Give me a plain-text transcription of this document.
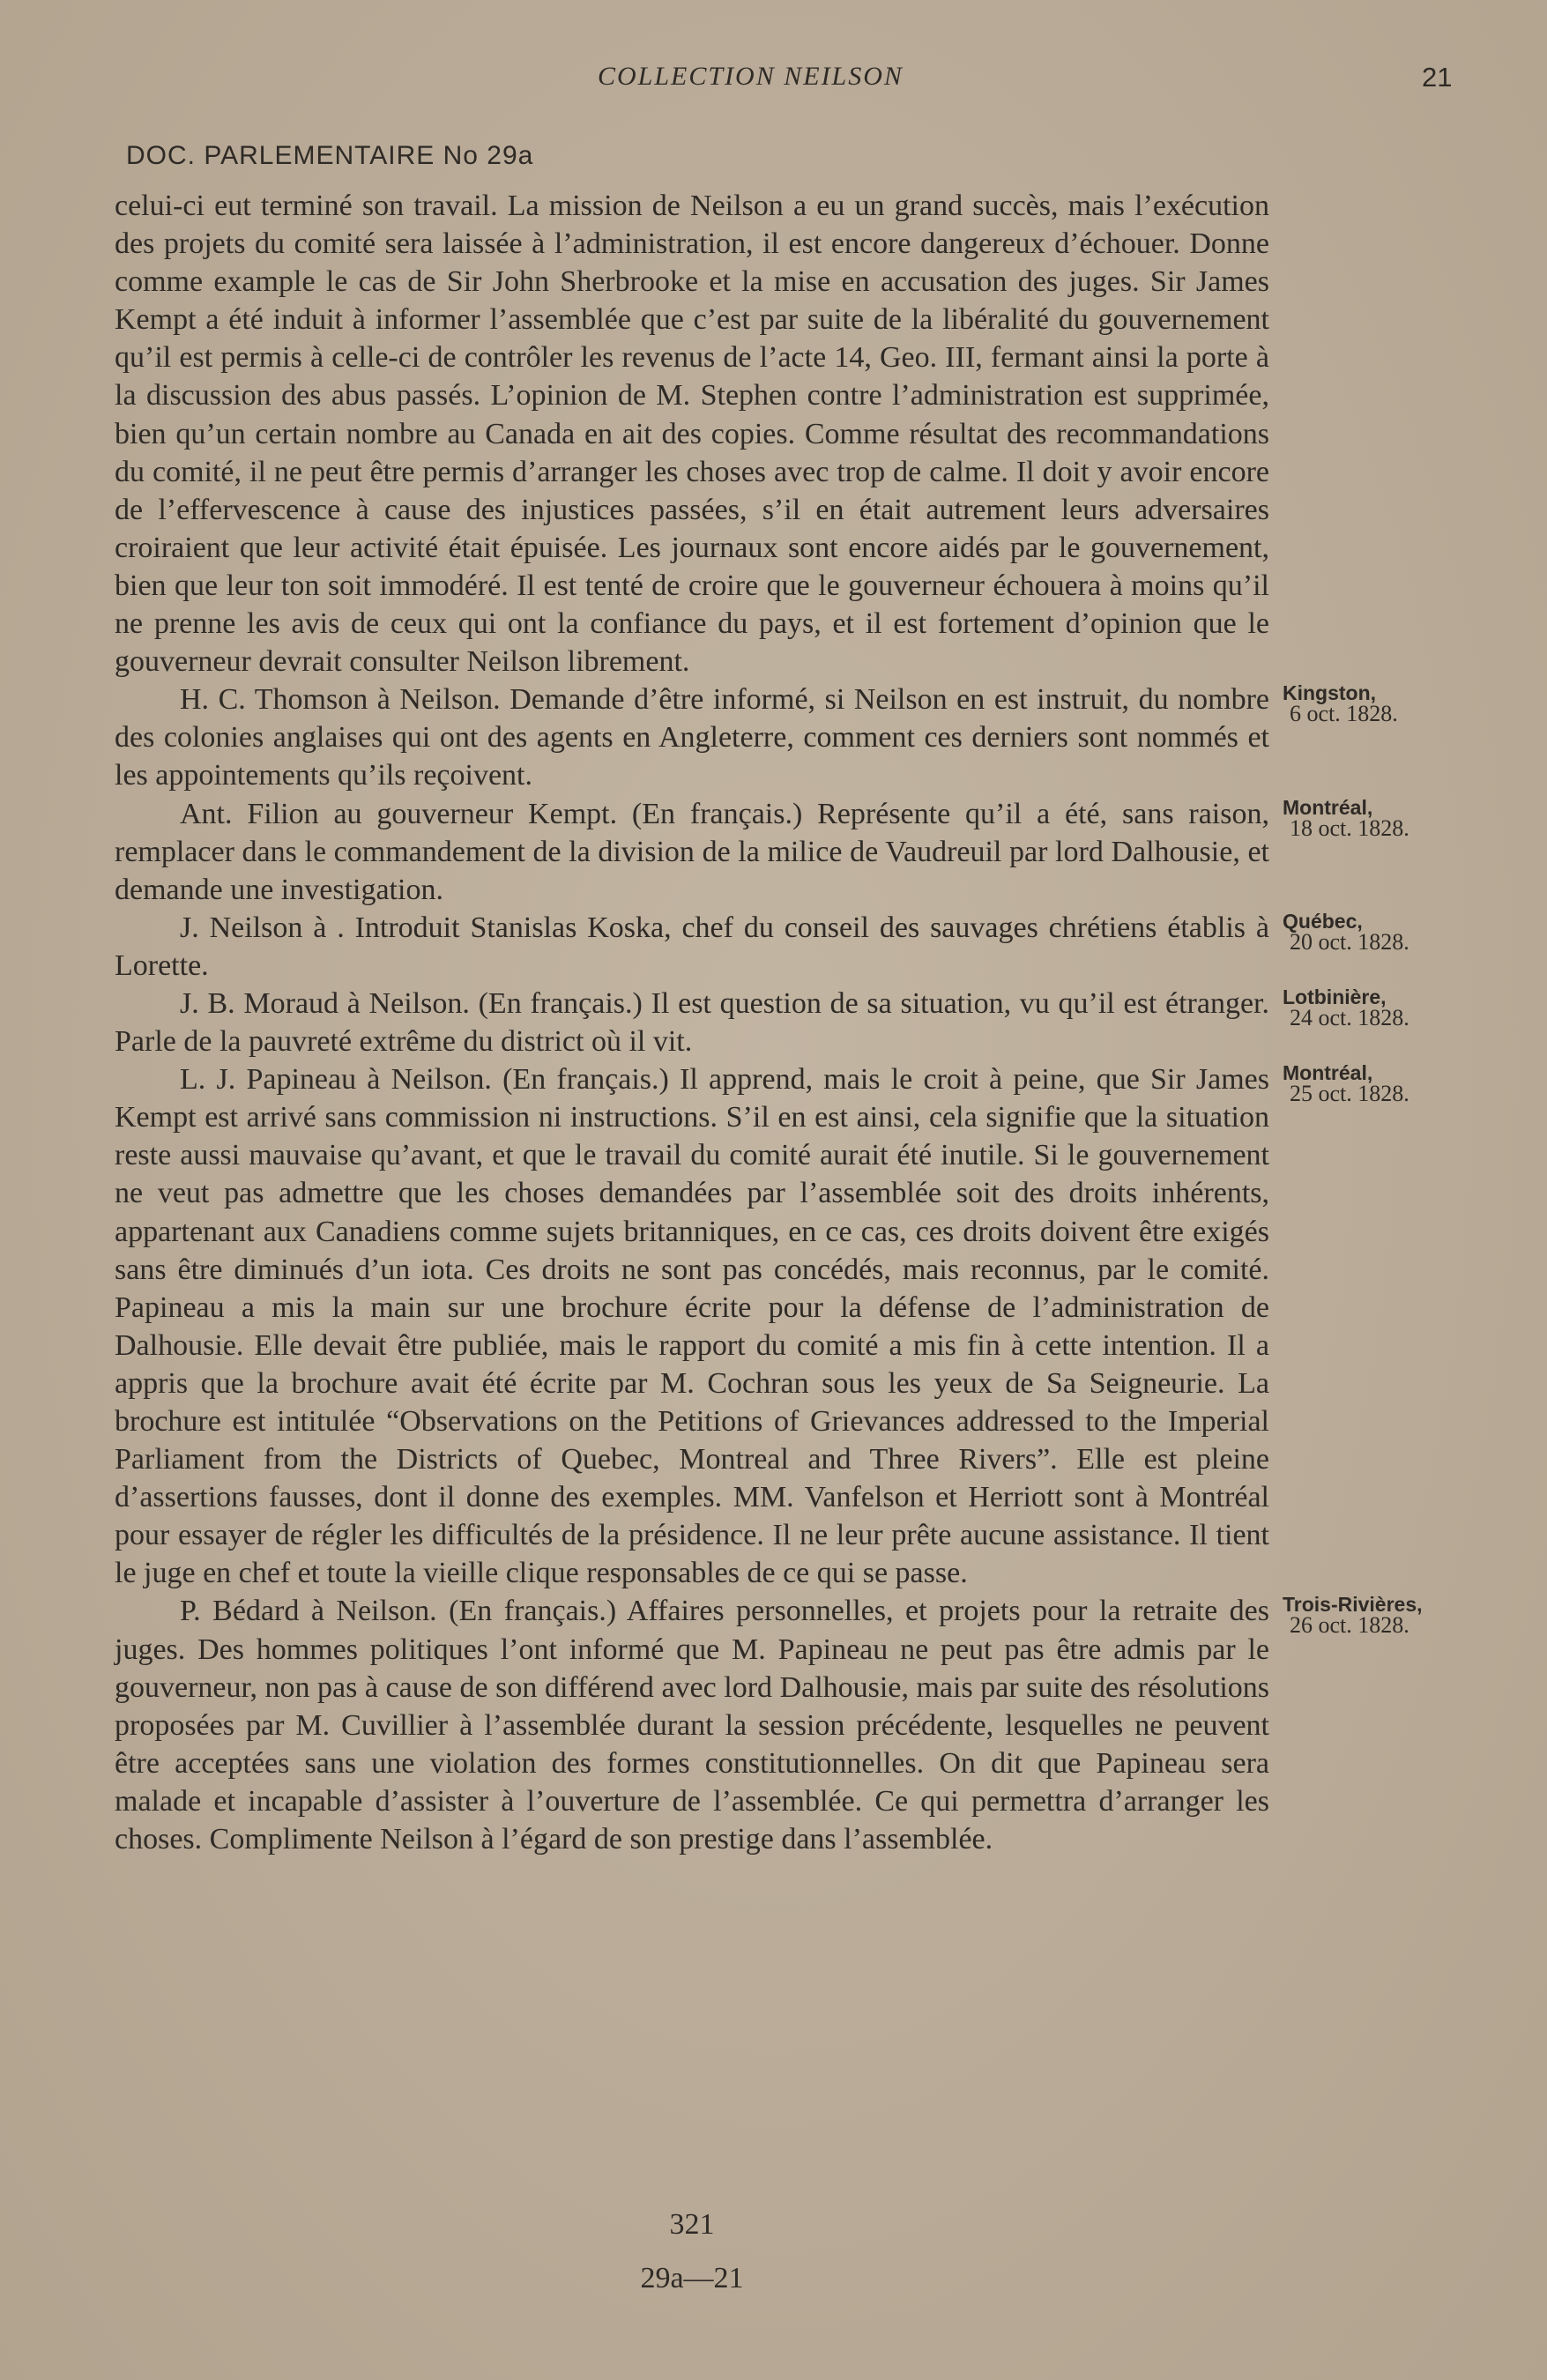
COLLECTION NEILSON	21
DOC. PARLEMENTAIRE No 29a

celui-ci eut terminé son travail. La mission de Neilson a eu un grand succès, mais l’exécution des projets du comité sera laissée à l’administration, il est encore dangereux d’échouer. Donne comme example le cas de Sir John Sherbrooke et la mise en accusation des juges. Sir James Kempt a été induit à informer l’assemblée que c’est par suite de la libéralité du gouvernement qu’il est permis à celle-ci de contrôler les revenus de l’acte 14, Geo. III, fermant ainsi la porte à la discussion des abus passés. L’opinion de M. Stephen contre l’administration est supprimée, bien qu’un certain nombre au Canada en ait des copies. Comme résultat des recommandations du comité, il ne peut être permis d’arranger les choses avec trop de calme. Il doit y avoir encore de l’effervescence à cause des injustices passées, s’il en était autrement leurs adversaires croiraient que leur activité était épuisée. Les journaux sont encore aidés par le gouvernement, bien que leur ton soit immodéré. Il est tenté de croire que le gouverneur échouera à moins qu’il ne prenne les avis de ceux qui ont la confiance du pays, et il est fortement d’opinion que le gouverneur devrait consulter Neilson librement.

H. C. Thomson à Neilson. Demande d’être informé, si Neilson en est instruit, du nombre des colonies anglaises qui ont des agents en Angleterre, comment ces derniers sont nommés et les appointements qu’ils reçoivent.
Kingston,
6 oct. 1828.

Ant. Filion au gouverneur Kempt. (En français.) Représente qu’il a été, sans raison, remplacer dans le commandement de la division de la milice de Vaudreuil par lord Dalhousie, et demande une investigation.
Montréal,
18 oct. 1828.

J. Neilson à . Introduit Stanislas Koska, chef du conseil des sauvages chrétiens établis à Lorette.
Québec,
20 oct. 1828.

J. B. Moraud à Neilson. (En français.) Il est question de sa situation, vu qu’il est étranger. Parle de la pauvreté extrême du district où il vit.
Lotbinière,
24 oct. 1828.

L. J. Papineau à Neilson. (En français.) Il apprend, mais le croit à peine, que Sir James Kempt est arrivé sans commission ni instructions. S’il en est ainsi, cela signifie que la situation reste aussi mauvaise qu’avant, et que le travail du comité aurait été inutile. Si le gouvernement ne veut pas admettre que les choses demandées par l’assemblée soit des droits inhérents, appartenant aux Canadiens comme sujets britanniques, en ce cas, ces droits doivent être exigés sans être diminués d’un iota. Ces droits ne sont pas concédés, mais reconnus, par le comité. Papineau a mis la main sur une brochure écrite pour la défense de l’administration de Dalhousie. Elle devait être publiée, mais le rapport du comité a mis fin à cette intention. Il a appris que la brochure avait été écrite par M. Cochran sous les yeux de Sa Seigneurie. La brochure est intitulée “Observations on the Petitions of Grievances addressed to the Imperial Parliament from the Districts of Quebec, Montreal and Three Rivers”. Elle est pleine d’assertions fausses, dont il donne des exemples. MM. Vanfelson et Herriott sont à Montréal pour essayer de régler les difficultés de la présidence. Il ne leur prête aucune assistance. Il tient le juge en chef et toute la vieille clique responsables de ce qui se passe.
Montréal,
25 oct. 1828.

P. Bédard à Neilson. (En français.) Affaires personnelles, et projets pour la retraite des juges. Des hommes politiques l’ont informé que M. Papineau ne peut pas être admis par le gouverneur, non pas à cause de son différend avec lord Dalhousie, mais par suite des résolutions proposées par M. Cuvillier à l’assemblée durant la session précédente, lesquelles ne peuvent être acceptées sans une violation des formes constitutionnelles. On dit que Papineau sera malade et incapable d’assister à l’ouverture de l’assemblée. Ce qui permettra d’arranger les choses. Complimente Neilson à l’égard de son prestige dans l’assemblée.
Trois-Rivières,
26 oct. 1828.

321
29a—21
